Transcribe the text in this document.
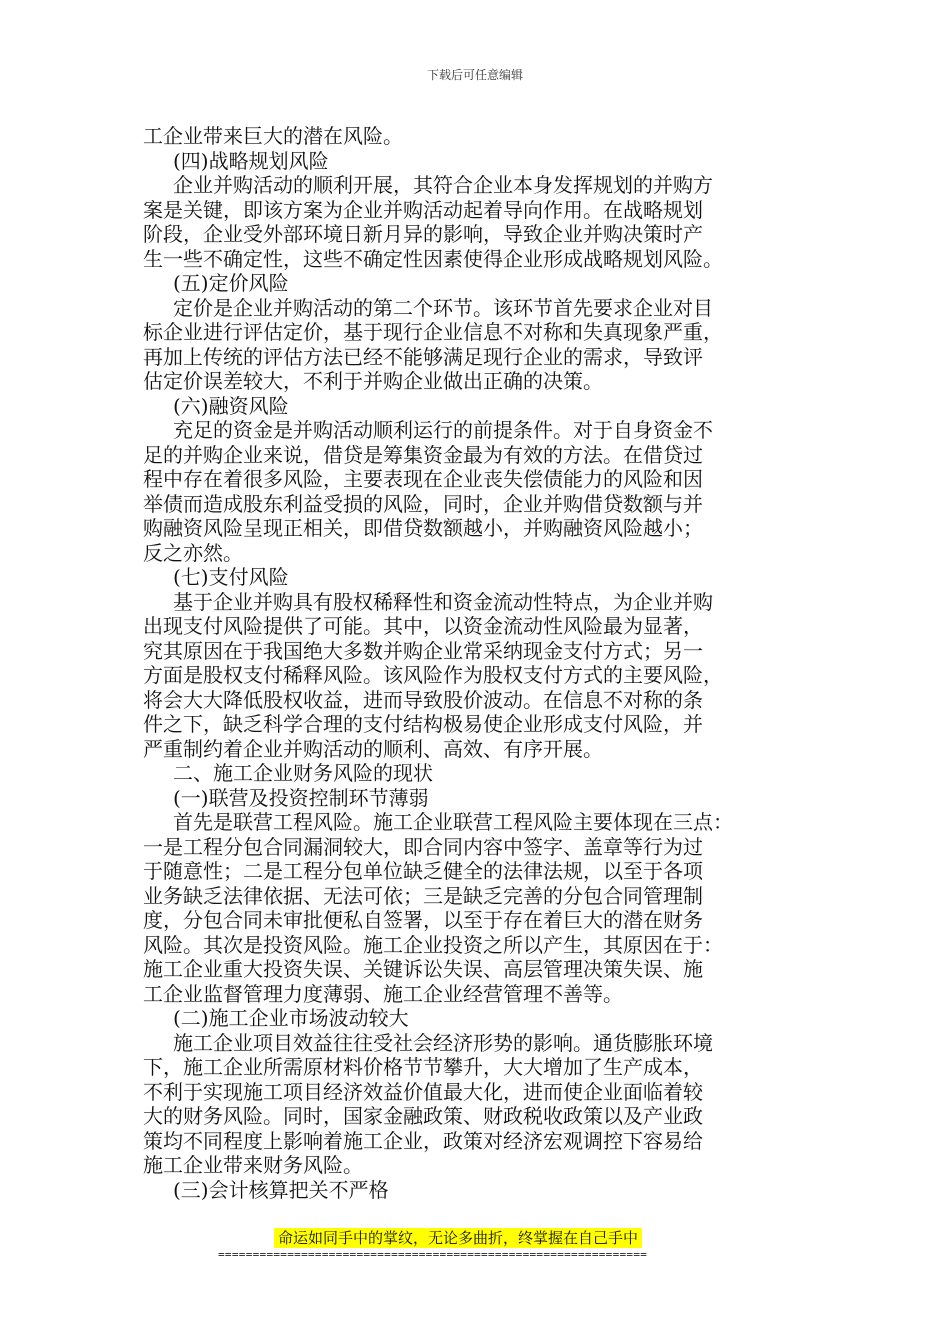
下载后可任意编辑
工企业带来巨大的潜在风险。
(四)战略规划风险
企业并购活动的顺利开展，其符合企业本身发挥规划的并购方
案是关键，即该方案为企业并购活动起着导向作用。在战略规划
阶段，企业受外部环境日新月异的影响，导致企业并购决策时产
生一些不确定性，这些不确定性因素使得企业形成战略规划风险。
(五)定价风险
定价是企业并购活动的第二个环节。该环节首先要求企业对目
标企业进行评估定价，基于现行企业信息不对称和失真现象严重，
再加上传统的评估方法已经不能够满足现行企业的需求，导致评
估定价误差较大，不利于并购企业做出正确的决策。
(六)融资风险
充足的资金是并购活动顺利运行的前提条件。对于自身资金不
足的并购企业来说，借贷是筹集资金最为有效的方法。在借贷过
程中存在着很多风险，主要表现在企业丧失偿债能力的风险和因
举债而造成股东利益受损的风险，同时，企业并购借贷数额与并
购融资风险呈现正相关，即借贷数额越小，并购融资风险越小；
反之亦然。
(七)支付风险
基于企业并购具有股权稀释性和资金流动性特点，为企业并购
出现支付风险提供了可能。其中，以资金流动性风险最为显著，
究其原因在于我国绝大多数并购企业常采纳现金支付方式；另一
方面是股权支付稀释风险。该风险作为股权支付方式的主要风险，
将会大大降低股权收益，进而导致股价波动。在信息不对称的条
件之下，缺乏科学合理的支付结构极易使企业形成支付风险，并
严重制约着企业并购活动的顺利、高效、有序开展。
二、施工企业财务风险的现状
(一)联营及投资控制环节薄弱
首先是联营工程风险。施工企业联营工程风险主要体现在三点：
一是工程分包合同漏洞较大，即合同内容中签字、盖章等行为过
于随意性；二是工程分包单位缺乏健全的法律法规，以至于各项
业务缺乏法律依据、无法可依；三是缺乏完善的分包合同管理制
度，分包合同未审批便私自签署，以至于存在着巨大的潜在财务
风险。其次是投资风险。施工企业投资之所以产生，其原因在于：
施工企业重大投资失误、关键诉讼失误、高层管理决策失误、施
工企业监督管理力度薄弱、施工企业经营管理不善等。
(二)施工企业市场波动较大
施工企业项目效益往往受社会经济形势的影响。通货膨胀环境
下，施工企业所需原材料价格节节攀升，大大增加了生产成本，
不利于实现施工项目经济效益价值最大化，进而使企业面临着较
大的财务风险。同时，国家金融政策、财政税收政策以及产业政
策均不同程度上影响着施工企业，政策对经济宏观调控下容易给
施工企业带来财务风险。
(三)会计核算把关不严格
命运如同手中的掌纹，无论多曲折，终掌握在自己手中
==============================================================
